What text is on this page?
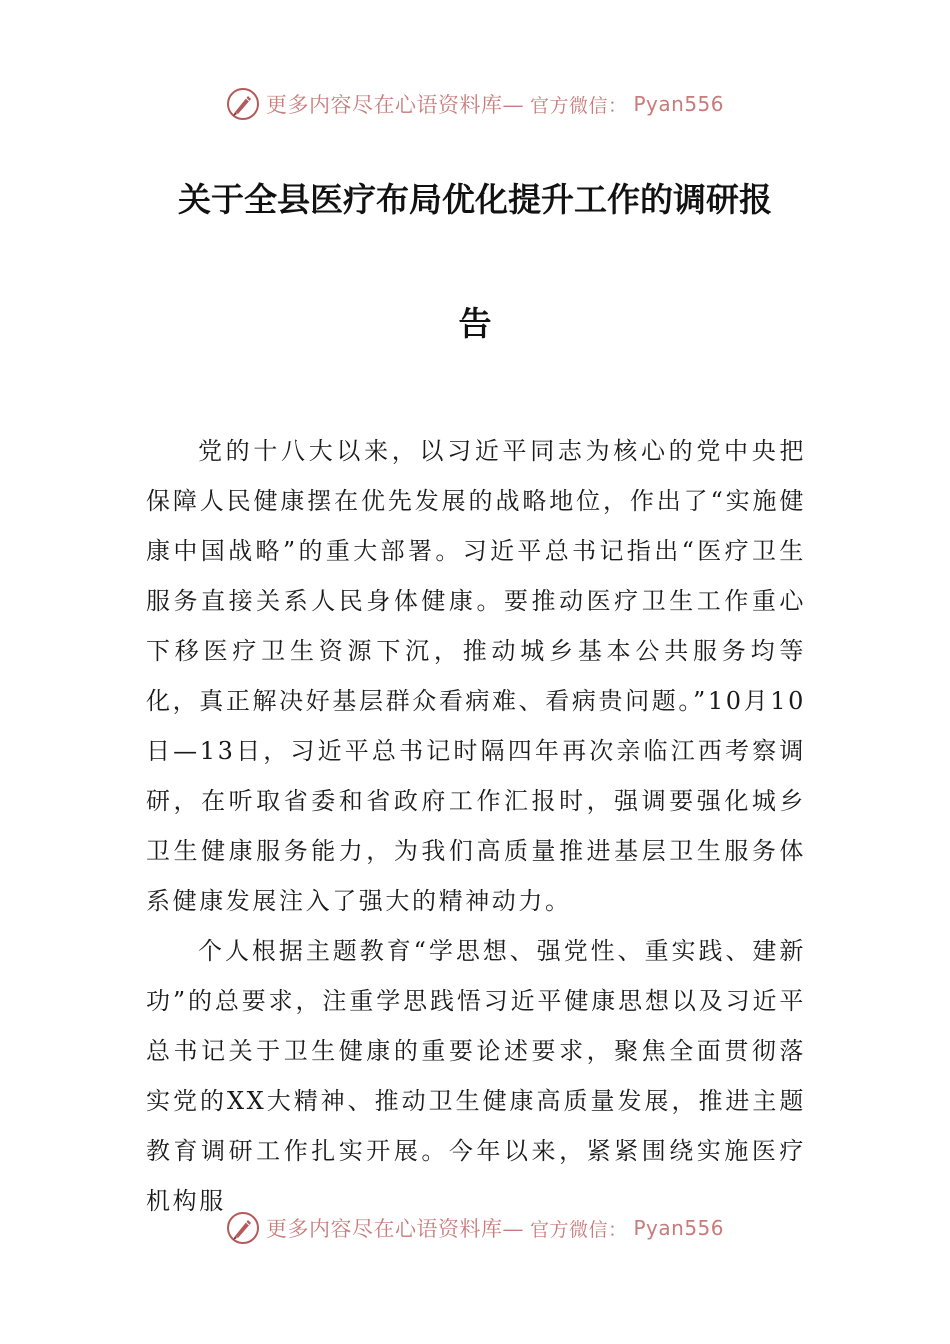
更多内容尽在心语资料库— 官方微信： Pyan556
关于全县医疗布局优化提升工作的调研报
告

党的十八大以来，以习近平同志为核心的党中央把保障人民健康摆在优先发展的战略地位，作出了“实施健康中国战略”的重大部署。习近平总书记指出“医疗卫生服务直接关系人民身体健康。要推动医疗卫生工作重心下移医疗卫生资源下沉，推动城乡基本公共服务均等化，真正解决好基层群众看病难、看病贵问题。”10月10日—13日，习近平总书记时隔四年再次亲临江西考察调研，在听取省委和省政府工作汇报时，强调要强化城乡卫生健康服务能力，为我们高质量推进基层卫生服务体系健康发展注入了强大的精神动力。

个人根据主题教育“学思想、强党性、重实践、建新功”的总要求，注重学思践悟习近平健康思想以及习近平总书记关于卫生健康的重要论述要求，聚焦全面贯彻落实党的XX大精神、推动卫生健康高质量发展，推进主题教育调研工作扎实开展。今年以来，紧紧围绕实施医疗机构服

更多内容尽在心语资料库— 官方微信： Pyan556
